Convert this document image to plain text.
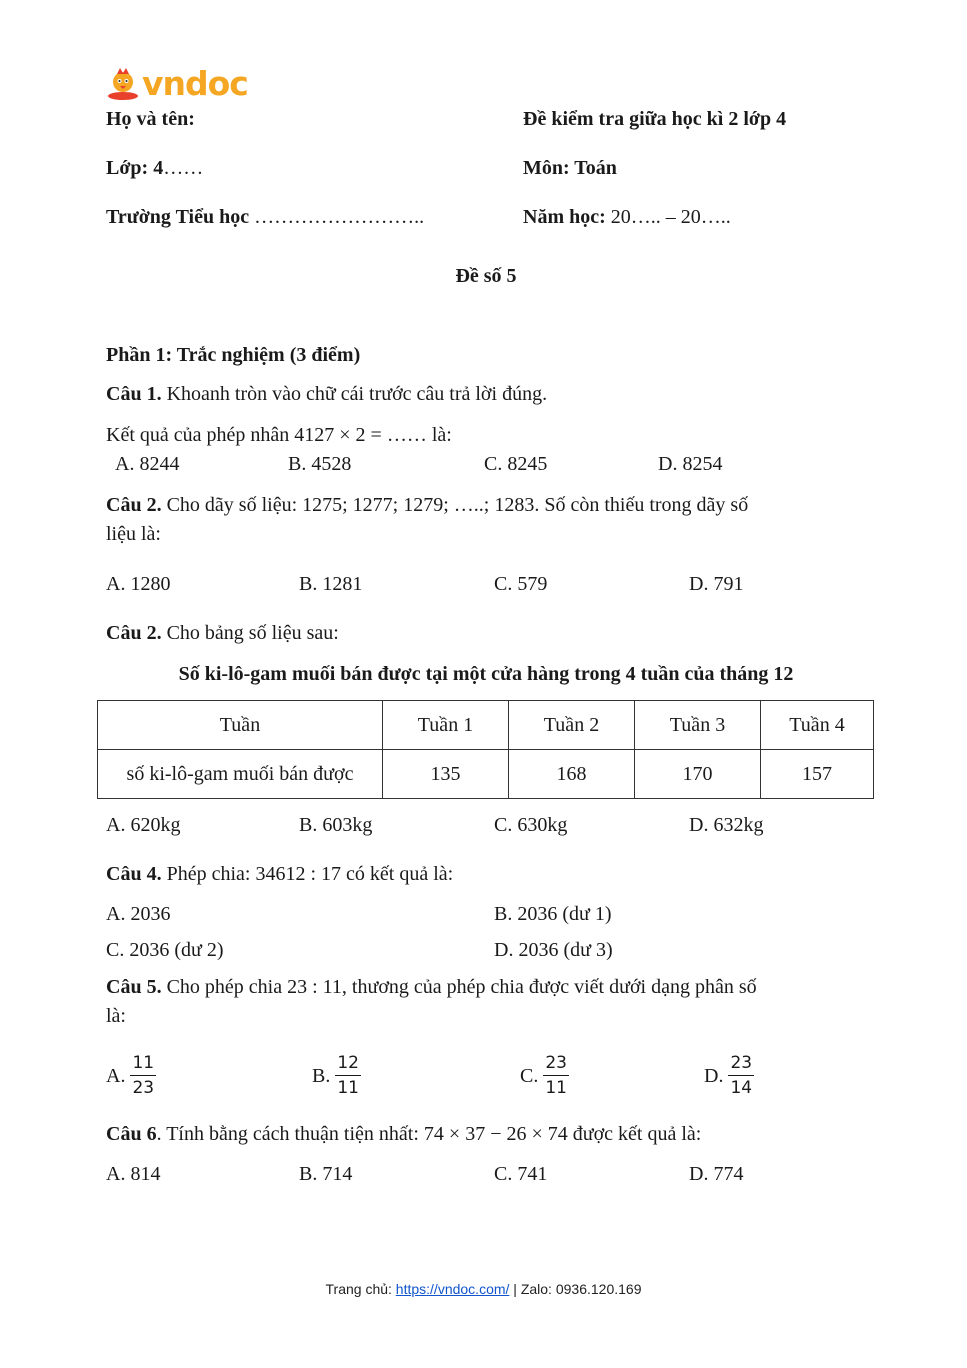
vndoc
Họ và tên:
Lớp: 4……
Trường Tiểu học ……………………..
Đề kiểm tra giữa học kì 2 lớp 4
Môn: Toán
Năm học: 20….. – 20…..
Đề số 5
Phần 1: Trắc nghiệm (3 điểm)
Câu 1. Khoanh tròn vào chữ cái trước câu trả lời đúng.
Kết quả của phép nhân 4127 × 2 = …… là:
A. 8244	B. 4528	C. 8245	D. 8254
Câu 2. Cho dãy số liệu: 1275; 1277; 1279; …..; 1283. Số còn thiếu trong dãy số
liệu là:
A. 1280	B. 1281	C. 579	D. 791
Câu 2. Cho bảng số liệu sau:
Số ki-lô-gam muối bán được tại một cửa hàng trong 4 tuần của tháng 12
Tuần	Tuần 1	Tuần 2	Tuần 3	Tuần 4
số ki-lô-gam muối bán được	135	168	170	157
A. 620kg	B. 603kg	C. 630kg	D. 632kg
Câu 4. Phép chia: 34612 : 17 có kết quả là:
A. 2036	B. 2036 (dư 1)
C. 2036 (dư 2)	D. 2036 (dư 3)
Câu 5. Cho phép chia 23 : 11, thương của phép chia được viết dưới dạng phân số
là:
A. $\frac{11}{23}$	B. $\frac{12}{11}$	C. $\frac{23}{11}$	D. $\frac{23}{14}$
Câu 6. Tính bằng cách thuận tiện nhất: 74 × 37 − 26 × 74 được kết quả là:
A. 814	B. 714	C. 741	D. 774
Trang chủ: https://vndoc.com/ | Zalo: 0936.120.169
